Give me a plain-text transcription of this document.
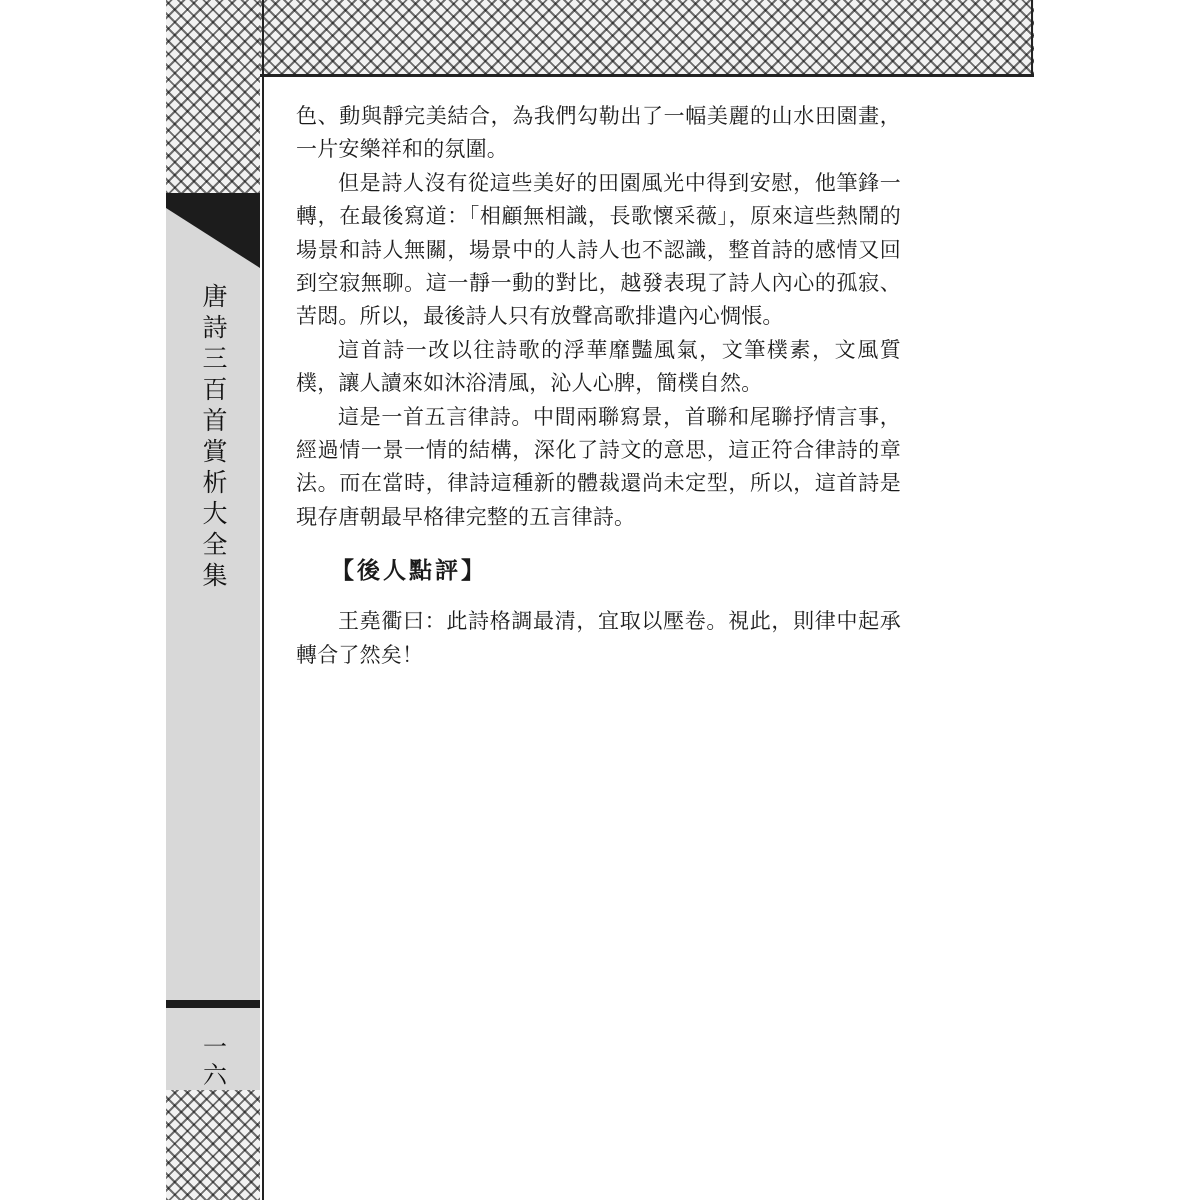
唐詩三百首賞析大全集
一六

色、動與靜完美結合，為我們勾勒出了一幅美麗的山水田園畫，一片安樂祥和的氛圍。

但是詩人沒有從這些美好的田園風光中得到安慰，他筆鋒一轉，在最後寫道：「相顧無相識，長歌懷采薇」，原來這些熱鬧的場景和詩人無關，場景中的人詩人也不認識，整首詩的感情又回到空寂無聊。這一靜一動的對比，越發表現了詩人內心的孤寂、苦悶。所以，最後詩人只有放聲高歌排遣內心惆悵。

這首詩一改以往詩歌的浮華靡豔風氣，文筆樸素，文風質樸，讓人讀來如沐浴清風，沁人心脾，簡樸自然。

這是一首五言律詩。中間兩聯寫景，首聯和尾聯抒情言事，經過情一景一情的結構，深化了詩文的意思，這正符合律詩的章法。而在當時，律詩這種新的體裁還尚未定型，所以，這首詩是現存唐朝最早格律完整的五言律詩。

【後人點評】

王堯衢曰：此詩格調最清，宜取以壓卷。視此，則律中起承轉合了然矣！
